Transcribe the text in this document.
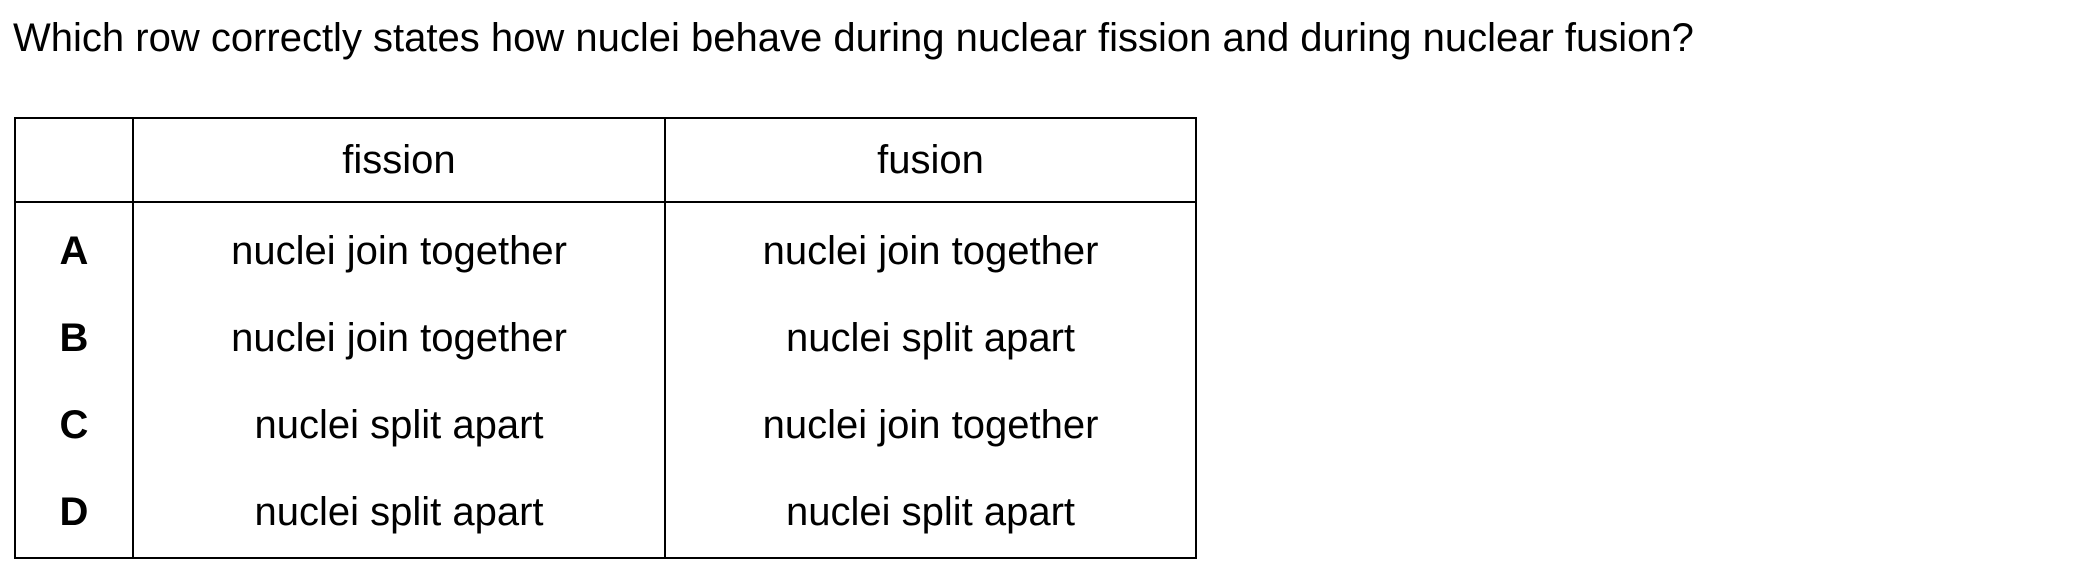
Which row correctly states how nuclei behave during nuclear fission and during nuclear fusion?

	fission	fusion
A	nuclei join together	nuclei join together
B	nuclei join together	nuclei split apart
C	nuclei split apart	nuclei join together
D	nuclei split apart	nuclei split apart
